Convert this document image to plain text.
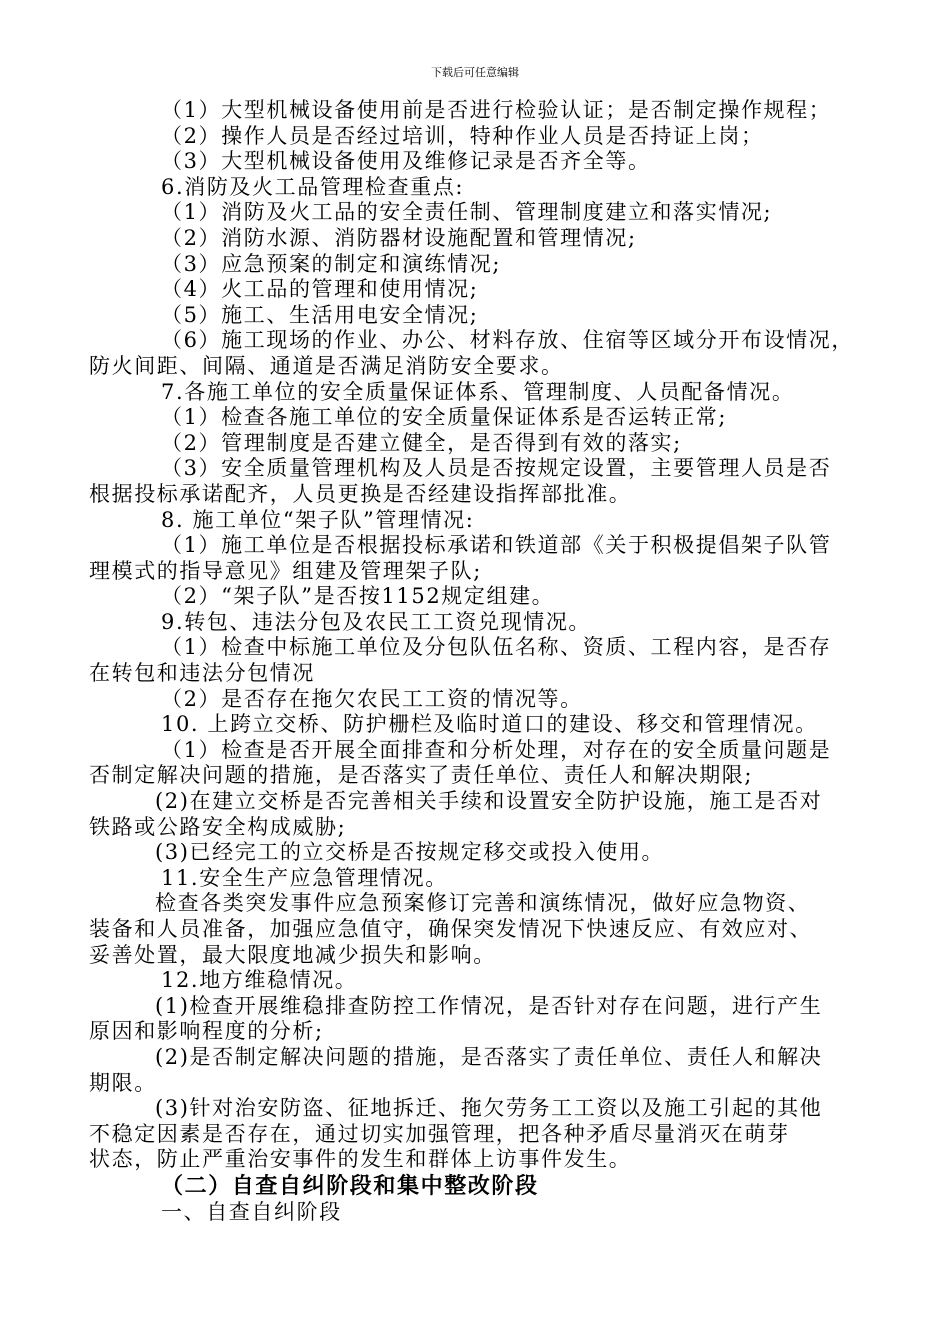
下载后可任意编辑
（1）大型机械设备使用前是否进行检验认证；是否制定操作规程；
（2）操作人员是否经过培训，特种作业人员是否持证上岗；
（3）大型机械设备使用及维修记录是否齐全等。
6.消防及火工品管理检查重点:
（1）消防及火工品的安全责任制、管理制度建立和落实情况;
（2）消防水源、消防器材设施配置和管理情况;
（3）应急预案的制定和演练情况;
（4）火工品的管理和使用情况;
（5）施工、生活用电安全情况;
（6）施工现场的作业、办公、材料存放、住宿等区域分开布设情况，
防火间距、间隔、通道是否满足消防安全要求。
7.各施工单位的安全质量保证体系、管理制度、人员配备情况。
（1）检查各施工单位的安全质量保证体系是否运转正常;
（2）管理制度是否建立健全，是否得到有效的落实;
（3）安全质量管理机构及人员是否按规定设置，主要管理人员是否
根据投标承诺配齐，人员更换是否经建设指挥部批准。
8. 施工单位“架子队”管理情况:
（1）施工单位是否根据投标承诺和铁道部《关于积极提倡架子队管
理模式的指导意见》组建及管理架子队;
（2）“架子队”是否按1152规定组建。
9.转包、违法分包及农民工工资兑现情况。
（1）检查中标施工单位及分包队伍名称、资质、工程内容，是否存
在转包和违法分包情况
（2）是否存在拖欠农民工工资的情况等。
10. 上跨立交桥、防护栅栏及临时道口的建设、移交和管理情况。
（1）检查是否开展全面排查和分析处理，对存在的安全质量问题是
否制定解决问题的措施，是否落实了责任单位、责任人和解决期限;
(2)在建立交桥是否完善相关手续和设置安全防护设施，施工是否对
铁路或公路安全构成威胁;
(3)已经完工的立交桥是否按规定移交或投入使用。
11.安全生产应急管理情况。
检查各类突发事件应急预案修订完善和演练情况，做好应急物资、
装备和人员准备，加强应急值守，确保突发情况下快速反应、有效应对、
妥善处置，最大限度地减少损失和影响。
12.地方维稳情况。
(1)检查开展维稳排查防控工作情况，是否针对存在问题，进行产生
原因和影响程度的分析;
(2)是否制定解决问题的措施，是否落实了责任单位、责任人和解决
期限。
(3)针对治安防盗、征地拆迁、拖欠劳务工工资以及施工引起的其他
不稳定因素是否存在，通过切实加强管理，把各种矛盾尽量消灭在萌芽
状态，防止严重治安事件的发生和群体上访事件发生。
（二）自查自纠阶段和集中整改阶段
一、自查自纠阶段
